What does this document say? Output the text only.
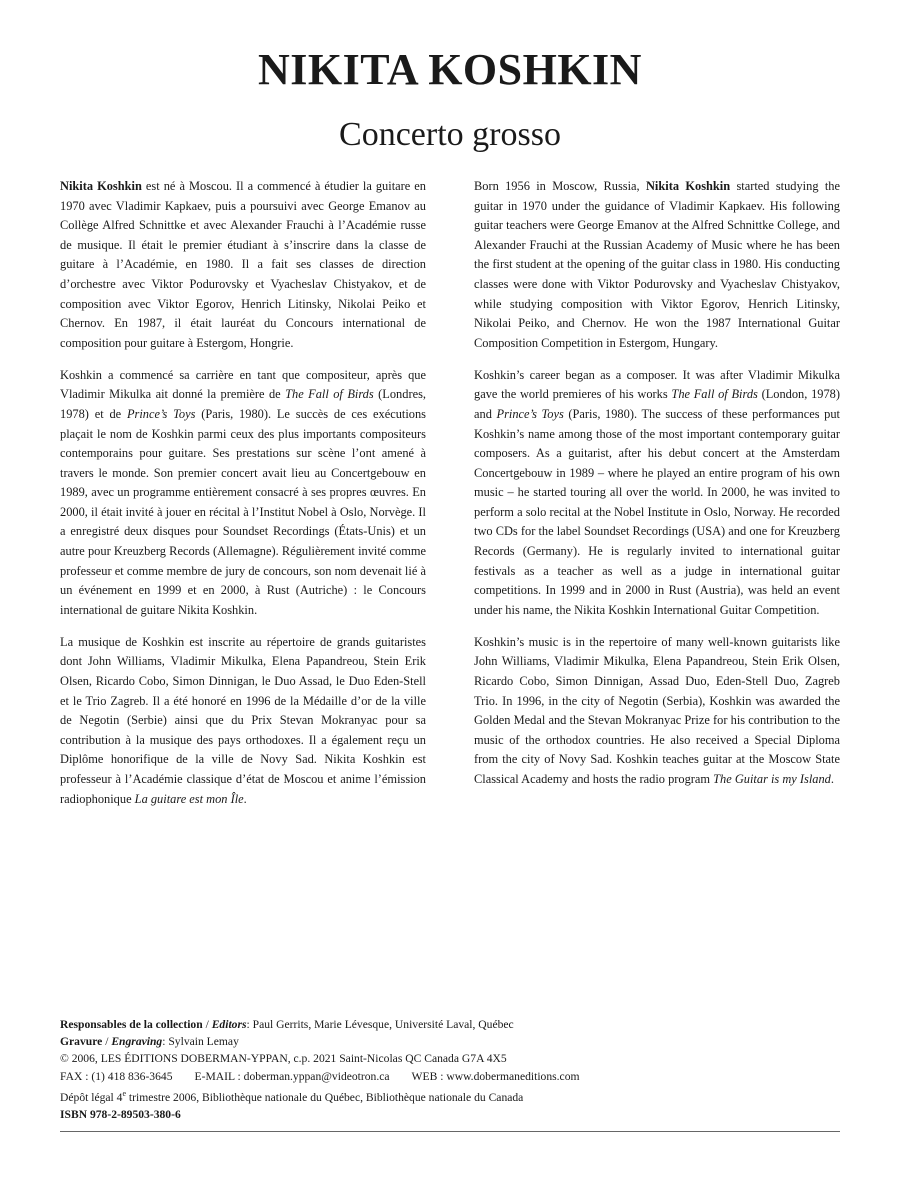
NIKITA KOSHKIN
Concerto grosso

Nikita Koshkin est né à Moscou. Il a commencé à étudier la guitare en 1970 avec Vladimir Kapkaev, puis a poursuivi avec George Emanov au Collège Alfred Schnittke et avec Alexander Frauchi à l’Académie russe de musique. Il était le premier étudiant à s’inscrire dans la classe de guitare à l’Académie, en 1980. Il a fait ses classes de direction d’orchestre avec Viktor Podurovsky et Vyacheslav Chistyakov, et de composition avec Viktor Egorov, Henrich Litinsky, Nikolai Peiko et Chernov. En 1987, il était lauréat du Concours international de composition pour guitare à Estergom, Hongrie.

Koshkin a commencé sa carrière en tant que compositeur, après que Vladimir Mikulka ait donné la première de The Fall of Birds (Londres, 1978) et de Prince’s Toys (Paris, 1980). Le succès de ces exécutions plaçait le nom de Koshkin parmi ceux des plus importants compositeurs contemporains pour guitare. Ses prestations sur scène l’ont amené à travers le monde. Son premier concert avait lieu au Concertgebouw en 1989, avec un programme entièrement consacré à ses propres œuvres. En 2000, il était invité à jouer en récital à l’Institut Nobel à Oslo, Norvège. Il a enregistré deux disques pour Soundset Recordings (États-Unis) et un autre pour Kreuzberg Records (Allemagne). Régulièrement invité comme professeur et comme membre de jury de concours, son nom devenait lié à un événement en 1999 et en 2000, à Rust (Autriche) : le Concours international de guitare Nikita Koshkin.

La musique de Koshkin est inscrite au répertoire de grands guitaristes dont John Williams, Vladimir Mikulka, Elena Papandreou, Stein Erik Olsen, Ricardo Cobo, Simon Dinnigan, le Duo Assad, le Duo Eden-Stell et le Trio Zagreb. Il a été honoré en 1996 de la Médaille d’or de la ville de Negotin (Serbie) ainsi que du Prix Stevan Mokranyac pour sa contribution à la musique des pays orthodoxes. Il a également reçu un Diplôme honorifique de la ville de Novy Sad. Nikita Koshkin est professeur à l’Académie classique d’état de Moscou et anime l’émission radiophonique La guitare est mon Île.

Born 1956 in Moscow, Russia, Nikita Koshkin started studying the guitar in 1970 under the guidance of Vladimir Kapkaev. His following guitar teachers were George Emanov at the Alfred Schnittke College, and Alexander Frauchi at the Russian Academy of Music where he has been the first student at the opening of the guitar class in 1980. His conducting classes were done with Viktor Podurovsky and Vyacheslav Chistyakov, while studying composition with Viktor Egorov, Henrich Litinsky, Nikolai Peiko, and Chernov. He won the 1987 International Guitar Composition Competition in Estergom, Hungary.

Koshkin’s career began as a composer. It was after Vladimir Mikulka gave the world premieres of his works The Fall of Birds (London, 1978) and Prince’s Toys (Paris, 1980). The success of these performances put Koshkin’s name among those of the most important contemporary guitar composers. As a guitarist, after his debut concert at the Amsterdam Concertgebouw in 1989 – where he played an entire program of his own music – he started touring all over the world. In 2000, he was invited to perform a solo recital at the Nobel Institute in Oslo, Norway. He recorded two CDs for the label Soundset Recordings (USA) and one for Kreuzberg Records (Germany). He is regularly invited to international guitar festivals as a teacher as well as a judge in international guitar competitions. In 1999 and in 2000 in Rust (Austria), was held an event under his name, the Nikita Koshkin International Guitar Competition.

Koshkin’s music is in the repertoire of many well-known guitarists like John Williams, Vladimir Mikulka, Elena Papandreou, Stein Erik Olsen, Ricardo Cobo, Simon Dinnigan, Assad Duo, Eden-Stell Duo, Zagreb Trio. In 1996, in the city of Negotin (Serbia), Koshkin was awarded the Golden Medal and the Stevan Mokranyac Prize for his contribution to the music of the orthodox countries. He also received a Special Diploma from the city of Novy Sad. Koshkin teaches guitar at the Moscow State Classical Academy and hosts the radio program The Guitar is my Island.

Responsables de la collection / Editors: Paul Gerrits, Marie Lévesque, Université Laval, Québec
Gravure / Engraving: Sylvain Lemay
© 2006, LES ÉDITIONS DOBERMAN-YPPAN, c.p. 2021 Saint-Nicolas QC Canada G7A 4X5
FAX : (1) 418 836-3645 E-MAIL : doberman.yppan@videotron.ca WEB : www.dobermaneditions.com
Dépôt légal 4e trimestre 2006, Bibliothèque nationale du Québec, Bibliothèque nationale du Canada
ISBN 978-2-89503-380-6
